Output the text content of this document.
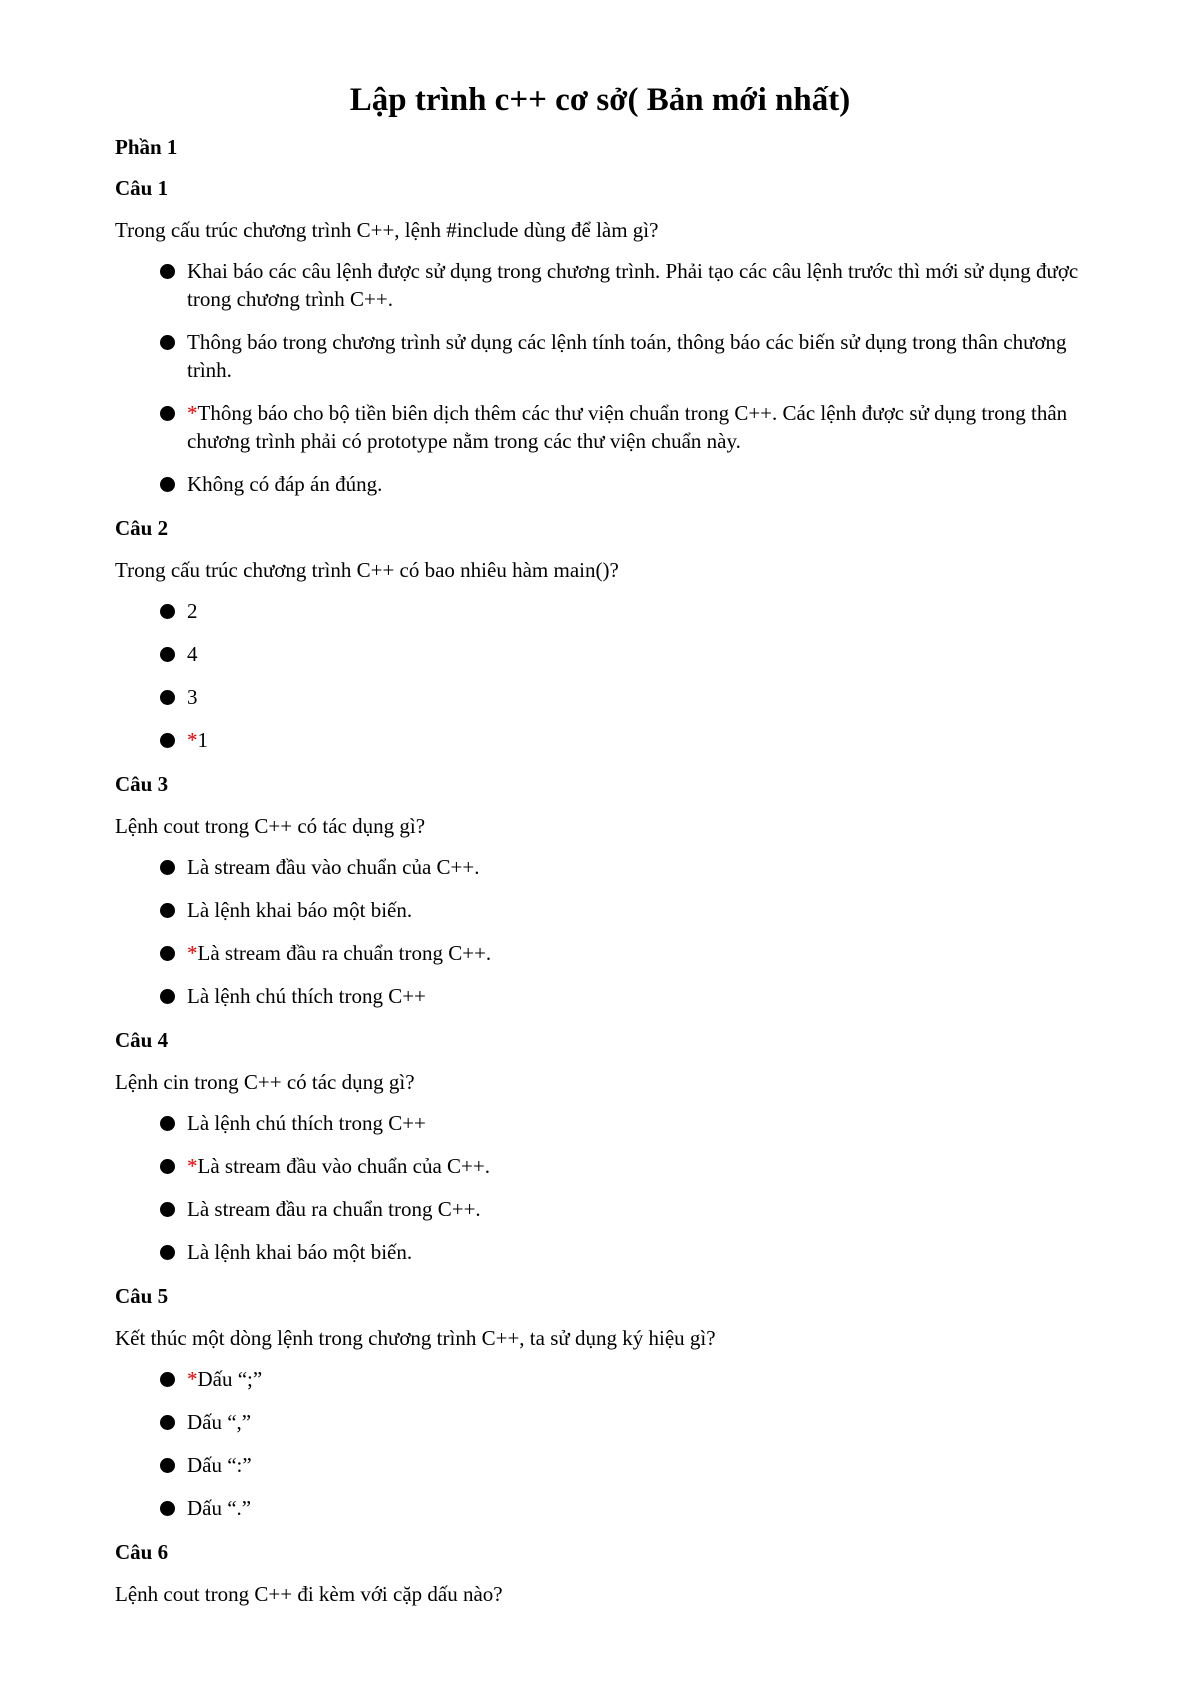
Lập trình c++ cơ sở( Bản mới nhất)

Phần 1

Câu 1

Trong cấu trúc chương trình C++, lệnh #include dùng để làm gì?

Khai báo các câu lệnh được sử dụng trong chương trình. Phải tạo các câu lệnh trước thì mới sử dụng được trong chương trình C++.
Thông báo trong chương trình sử dụng các lệnh tính toán, thông báo các biến sử dụng trong thân chương trình.
*Thông báo cho bộ tiền biên dịch thêm các thư viện chuẩn trong C++. Các lệnh được sử dụng trong thân chương trình phải có prototype nằm trong các thư viện chuẩn này.
Không có đáp án đúng.

Câu 2

Trong cấu trúc chương trình C++ có bao nhiêu hàm main()?

2
4
3
*1

Câu 3

Lệnh cout trong C++ có tác dụng gì?

Là stream đầu vào chuẩn của C++.
Là lệnh khai báo một biến.
*Là stream đầu ra chuẩn trong C++.
Là lệnh chú thích trong C++

Câu 4

Lệnh cin trong C++ có tác dụng gì?

Là lệnh chú thích trong C++
*Là stream đầu vào chuẩn của C++.
Là stream đầu ra chuẩn trong C++.
Là lệnh khai báo một biến.

Câu 5

Kết thúc một dòng lệnh trong chương trình C++, ta sử dụng ký hiệu gì?

*Dấu “;”
Dấu “,”
Dấu “:”
Dấu “.”

Câu 6

Lệnh cout trong C++ đi kèm với cặp dấu nào?
